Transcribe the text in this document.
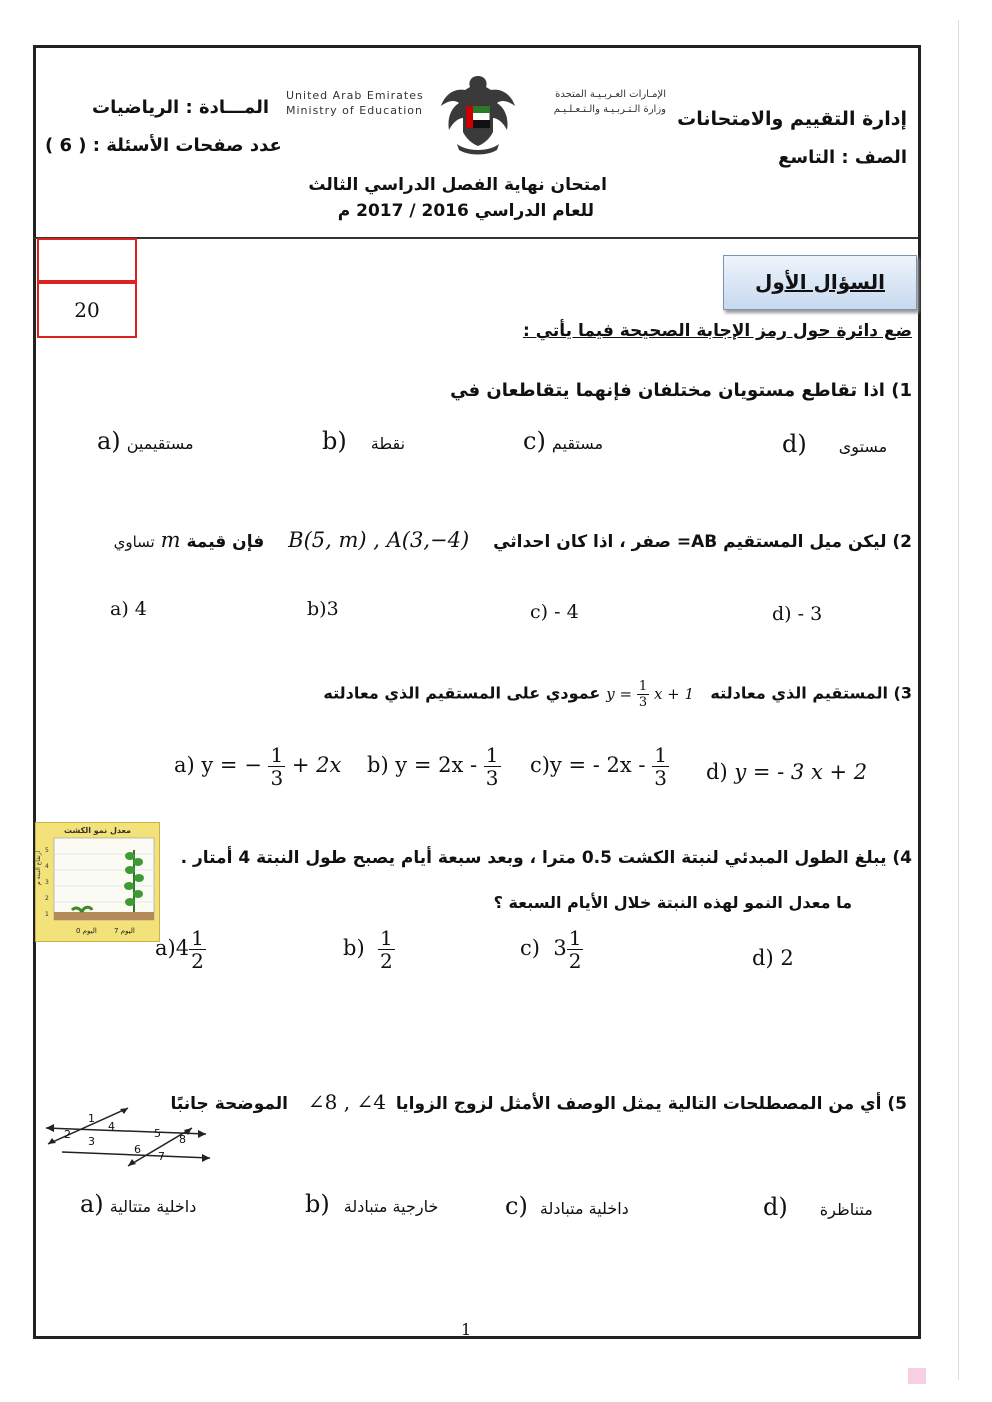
إدارة التقييم والامتحانات
الصف : التاسع
المـــادة : الرياضيات
عدد صفحات الأسئلة : ( 6 )
United Arab Emirates
Ministry of Education
الإمـارات العـربـيـة المتحدة
وزارة الـتـربـيـة والـتـعـلـيـم
امتحان نهاية الفصل الدراسي الثالث
للعام الدراسي 2016 / 2017 م
20
السؤال الأول
ضع دائرة حول رمز الإجابة الصحيحة فيما يأتي :
1) اذا تقاطع مستويان مختلفان فإنهما يتقاطعان في
a) مستقيمين	b) نقطة	c) مستقيم	d) مستوى
2) ليكن ميل المستقيم AB= صفر ، اذا كان احداثي B(5, m) , A(3,−4) فإن قيمة m تساوي
a) 4	b)3	c) - 4	d) - 3
3) المستقيم الذي معادلته $y = \frac{1}{3}$ x + 1 عمودي على المستقيم الذي معادلته
a) y = − $\frac{1}{3} + 2x$ b) $y = 2x - \frac{1}{3} c)y$ = - $2x - \frac{1}{3} d$) y = - 3 x + 2
معدل نمو الكشت
5
4
3
2
1
ارتفاع النبتة م
اليوم 0 اليوم 7
4) يبلغ الطول المبدئي لنبتة الكشت 0.5 مترا ، وبعد سبعة أيام يصبح طول النبتة 4 أمتار .
ما معدل النمو لهذه النبتة خلال الأيام السبعة ؟
$a)4 \frac{1}{2}$	$b) \frac{1}{2}$	c) $3 \frac{1}{2}$	d) 2
5) أي من المصطلحات التالية يمثل الوصف الأمثل لزوج الزوايا ∠8 , ∠4 الموضحة جانبًا
1
2
3
4
5
6
7
8
a) داخلية متتالية	b) خارجية متبادلة	c) داخلية متبادلة	d) متناظرة
1
